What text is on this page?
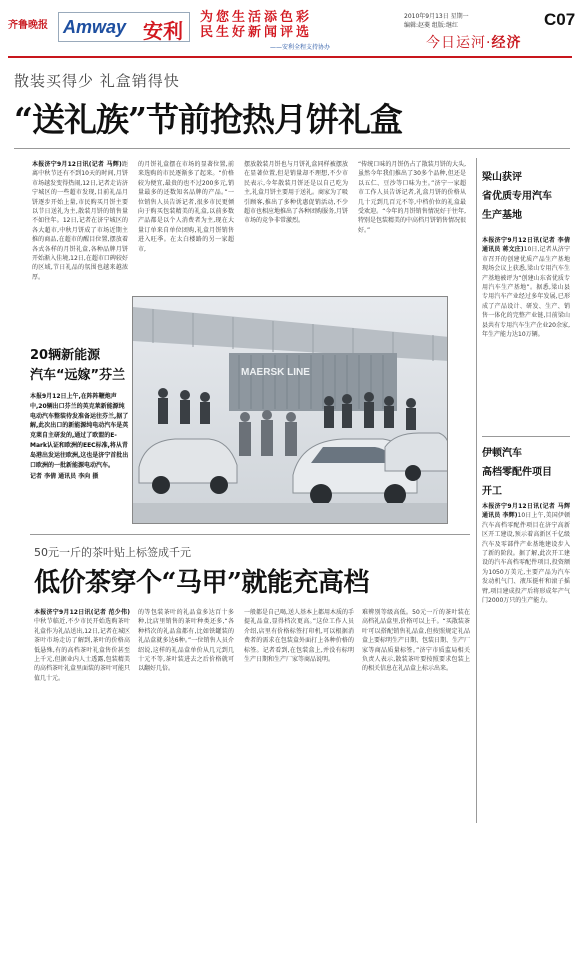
齐鲁晚报 Amway 安利
为您生活添色彩
民生好新闻评选
——安利全程支持协办
2010年9月13日 星期一
编辑:赵菱 组版:继红	C07
今日运河·经济
散装买得少 礼盒销得快
“送礼族”节前抢热月饼礼盒
本报济宁9月12日讯(记者 马辉)距离中秋节还有不到10天的时间,月饼市场越发变得热闹,12日,记者走访济宁城区的一些超市发现,目前礼品月饼逐步开始上量,市民购买月饼主要以节日送礼为主,散装月饼的销售量不如往年。12日,记者在济宁城区的各大超市,中秋月饼成了市场近期主推的商品,在超市的醒目位置,摆放着各式各样的月饼礼盒,各种品牌月饼开始渐入佳境,12日,在超市口碑较好的区域,节日礼品的氛围也越来越浓厚。
的月饼礼盒摆在市场的显著位置,前来选购的市民逐渐多了起来。“价格较为便宜,最贵的也不过200多元,销量最多的还数知名品牌的产品。”一位销售人员告诉记者,很多市民更倾向于购买包装精美的礼盒,以前多数产品都是以个人消费者为主,现在大量订单来自单位团购,礼盒月饼销售进入旺季。在太白楼路的另一家超市,
摆放散装月饼也与月饼礼盒同样被摆放在显著位置,但是销量却不理想,不少市民表示,今年散装月饼还是以自己吃为主,礼盒月饼主要用于送礼。商家为了吸引顾客,推出了多种优惠促销活动,不少超市也相应地推出了各种团购服务,月饼市场的竞争非常激烈。
“传统口味的月饼仍占了散装月饼的大头,虽然今年我们推出了30多个品种,但还是以五仁、豆沙等口味为主。”济宁一家超市工作人员告诉记者,礼盒月饼的价格从几十元到几百元不等,中档价位的礼盒最受欢迎。“今年的月饼销售情况好于往年,特别是包装精美的中高档月饼销售情况很好。”
梁山获评
省优质专用汽车
生产基地
本报济宁9月12日讯(记者 李倩 通讯员 蒋文庄)10日,记者从济宁市召开的创建优质产品生产基地现场会议上获悉,梁山专用汽车生产基地被评为“创建山东省优质专用汽车生产基地”。据悉,梁山县专用汽车产业经过多年发展,已形成了产品设计、研发、生产、销售一体化的完整产业链,目前梁山县共有专用汽车生产企业20余家,年生产能力达10万辆。
伊顿汽车
高档零配件项目
开工
本报济宁9月12日讯(记者 马辉 通讯员 李辉)10日上午,美国伊顿汽车高档零配件项目在济宁高新区开工建设,预示着高新区千亿级汽车及零部件产业基地建设步入了新的阶段。据了解,此次开工建设的汽车高档零配件项目,投资额为1050万美元,主要产品为汽车发动机气门、液压挺杆和滚子摇臂,项目建成投产后将形成年产气门2000万只的生产能力。
20辆新能源
汽车“远嫁”芬兰
本报9月12日上午,在阵阵鞭炮声中,20辆出口芬兰的英克莱新能源纯电动汽车整装待发准备运往芬兰,据了解,此次出口的新能源纯电动汽车是英克莱自主研发的,通过了欧盟的E-Mark认证和欧洲的EEC标准,将从青岛港出发运往欧洲,这也是济宁首批出口欧洲的一批新能源电动汽车。
记者 李倩 通讯员 李向 摄
MAERSK LINE
50元一斤的茶叶贴上标签成千元
低价茶穿个“马甲”就能充高档
本报济宁9月12日讯(记者 范少伟)中秋节临近,不少市民开始选购茶叶礼盒作为礼品送出,12日,记者在城区茶叶市场走访了解到,茶叶的价格高低悬殊,有的高档茶叶礼盒售价甚至上千元,但据业内人士透露,包装精美的高档茶叶礼盒里面装的茶叶可能只值几十元。
的等包装茶叶的礼品盒多达百十多种,比店里销售的茶叶种类还多,“各种档次的礼品盒都有,比如铁罐装的礼品盒就多达6种。”一位销售人员介绍说,这样的礼品盒单价从几元到几十元不等,茶叶装进去之后价格就可以翻好几倍。
一般都是自己喝,送人基本上都用木质的手提礼品盒,显得档次更高。”这位工作人员介绍,店里有价格标签打印机,可以根据消费者的需求在包装盒外面打上各种价格的标签。记者看到,在包装盒上,并没有标明生产日期和生产厂家等商品说明。
难辨别等级高低。50元一斤的茶叶装在高档礼品盒里,价格可以上千。“买散装茶叶可以搭配销售礼品盒,但按照规定礼品盒上要标明生产日期、包装日期、生产厂家等商品质量标签。”济宁市质监局相关负责人表示,散装茶叶要按照要求包装上的相关信息在礼品盒上标示出来。
